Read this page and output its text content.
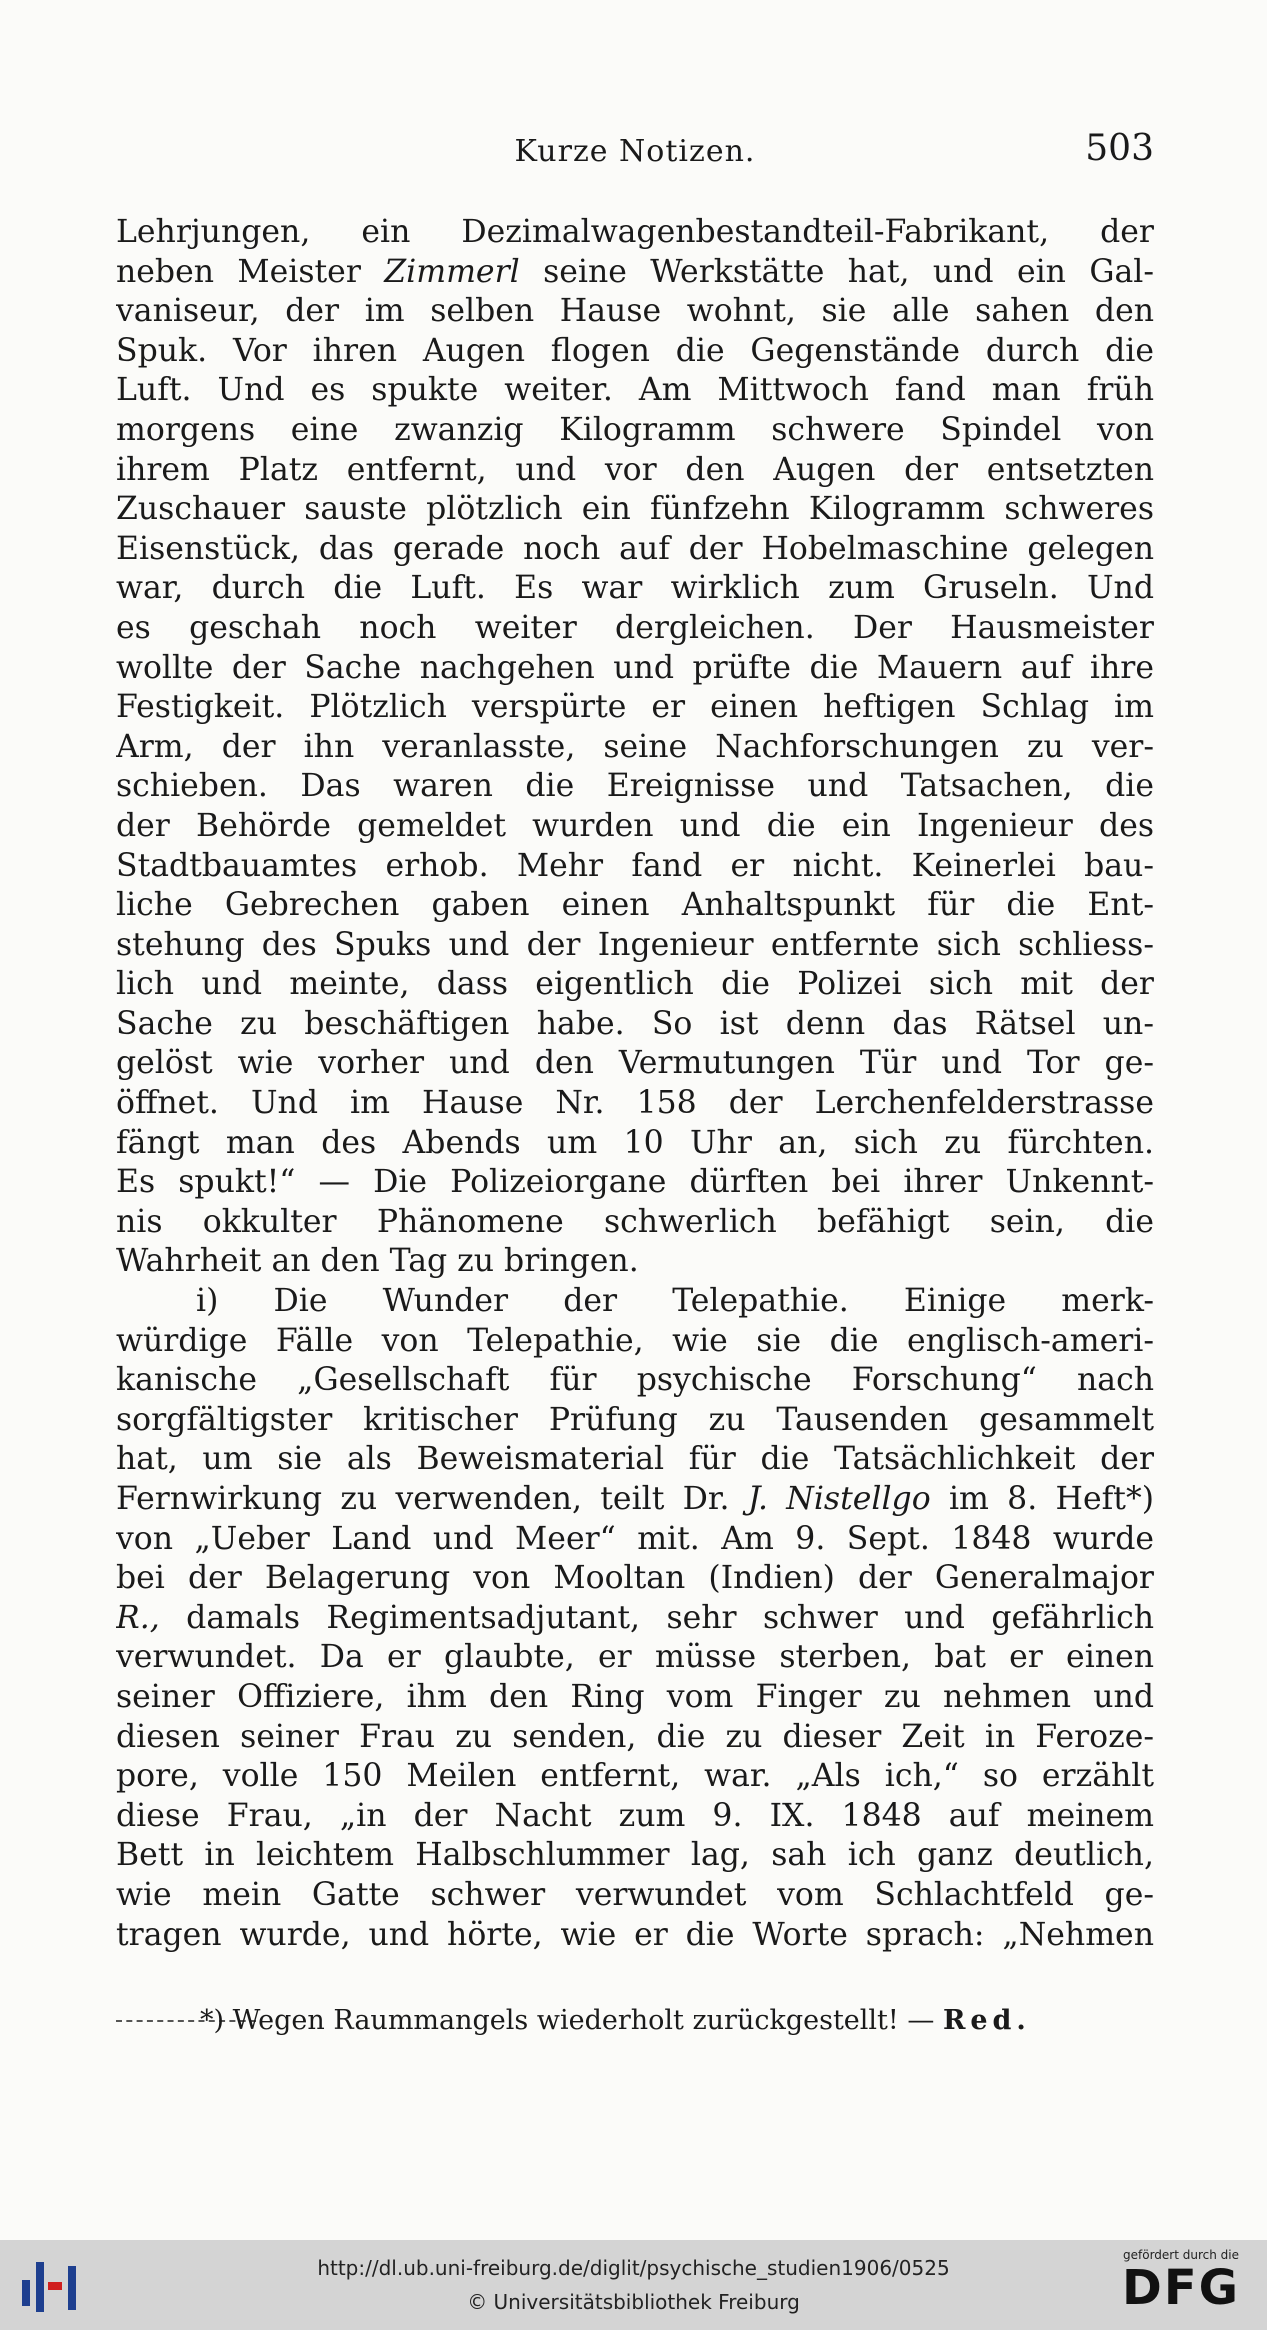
Kurze Notizen.	503
Lehrjungen, ein Dezimalwagenbestandteil-Fabrikant, der
neben Meister Zimmerl seine Werkstätte hat, und ein Gal-
vaniseur, der im selben Hause wohnt, sie alle sahen den
Spuk. Vor ihren Augen flogen die Gegenstände durch die
Luft. Und es spukte weiter. Am Mittwoch fand man früh
morgens eine zwanzig Kilogramm schwere Spindel von
ihrem Platz entfernt, und vor den Augen der entsetzten
Zuschauer sauste plötzlich ein fünfzehn Kilogramm schweres
Eisenstück, das gerade noch auf der Hobelmaschine gelegen
war, durch die Luft. Es war wirklich zum Gruseln. Und
es geschah noch weiter dergleichen. Der Hausmeister
wollte der Sache nachgehen und prüfte die Mauern auf ihre
Festigkeit. Plötzlich verspürte er einen heftigen Schlag im
Arm, der ihn veranlasste, seine Nachforschungen zu ver-
schieben. Das waren die Ereignisse und Tatsachen, die
der Behörde gemeldet wurden und die ein Ingenieur des
Stadtbauamtes erhob. Mehr fand er nicht. Keinerlei bau-
liche Gebrechen gaben einen Anhaltspunkt für die Ent-
stehung des Spuks und der Ingenieur entfernte sich schliess-
lich und meinte, dass eigentlich die Polizei sich mit der
Sache zu beschäftigen habe. So ist denn das Rätsel un-
gelöst wie vorher und den Vermutungen Tür und Tor ge-
öffnet. Und im Hause Nr. 158 der Lerchenfelderstrasse
fängt man des Abends um 10 Uhr an, sich zu fürchten.
Es spukt!“ — Die Polizeiorgane dürften bei ihrer Unkennt-
nis okkulter Phänomene schwerlich befähigt sein, die
Wahrheit an den Tag zu bringen.
i) Die Wunder der Telepathie. Einige merk-
würdige Fälle von Telepathie, wie sie die englisch-ameri-
kanische „Gesellschaft für psychische Forschung“ nach
sorgfältigster kritischer Prüfung zu Tausenden gesammelt
hat, um sie als Beweismaterial für die Tatsächlichkeit der
Fernwirkung zu verwenden, teilt Dr. J. Nistellgo im 8. Heft*)
von „Ueber Land und Meer“ mit. Am 9. Sept. 1848 wurde
bei der Belagerung von Mooltan (Indien) der Generalmajor
R., damals Regimentsadjutant, sehr schwer und gefährlich
verwundet. Da er glaubte, er müsse sterben, bat er einen
seiner Offiziere, ihm den Ring vom Finger zu nehmen und
diesen seiner Frau zu senden, die zu dieser Zeit in Feroze-
pore, volle 150 Meilen entfernt, war. „Als ich,“ so erzählt
diese Frau, „in der Nacht zum 9. IX. 1848 auf meinem
Bett in leichtem Halbschlummer lag, sah ich ganz deutlich,
wie mein Gatte schwer verwundet vom Schlachtfeld ge-
tragen wurde, und hörte, wie er die Worte sprach: „Nehmen
*) Wegen Raummangels wiederholt zurückgestellt! — Red.
http://dl.ub.uni-freiburg.de/diglit/psychische_studien1906/0525
© Universitätsbibliothek Freiburg
gefördert durch die
DFG
